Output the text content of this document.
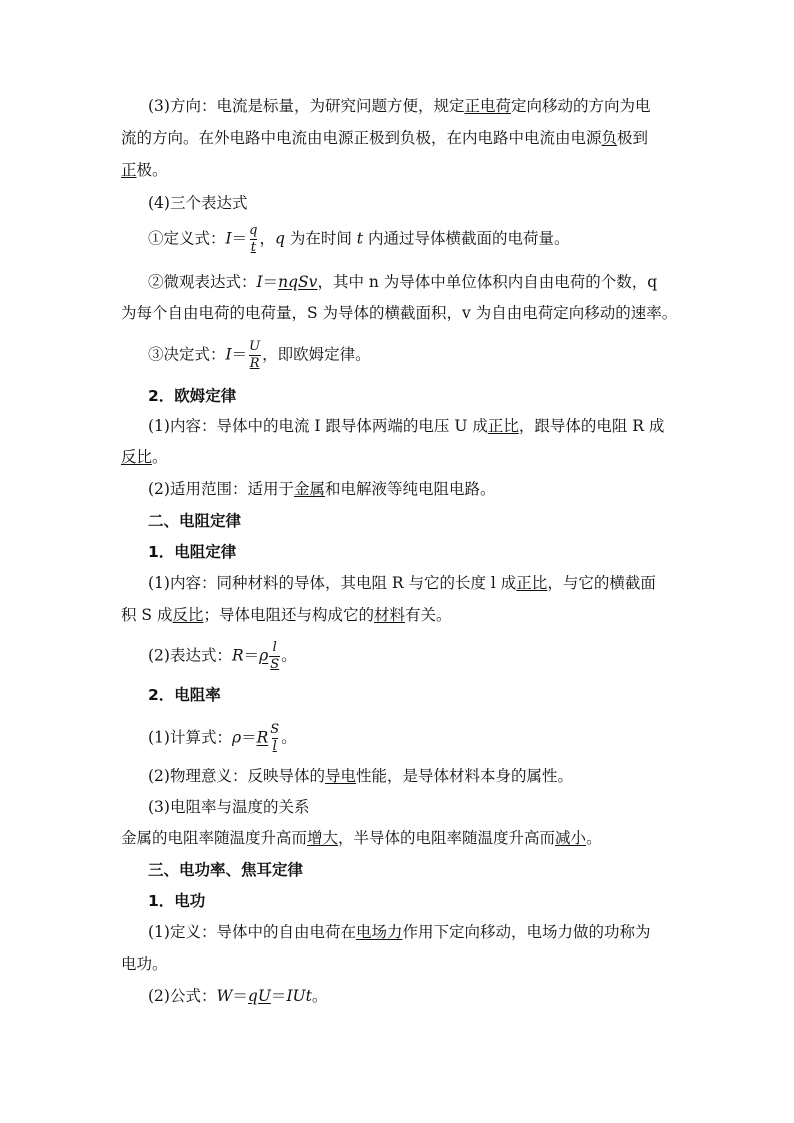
(3)方向：电流是标量，为研究问题方便，规定正电荷定向移动的方向为电
流的方向。在外电路中电流由电源正极到负极，在内电路中电流由电源负极到
正极。
(4)三个表达式
①定义式：$I= \frac{q}{t}$ ，q 为在时间 t 内通过导体横截面的电荷量。
②微观表达式：I＝nqSv，其中 n 为导体中单位体积内自由电荷的个数，q
为每个自由电荷的电荷量，S 为导体的横截面积，v 为自由电荷定向移动的速率。
③决定式：$I= \frac{U}{R}$ ，即欧姆定律。
2．欧姆定律
(1)内容：导体中的电流 I 跟导体两端的电压 U 成正比，跟导体的电阻 R 成
反比。
(2)适用范围：适用于金属和电解液等纯电阻电路。
二、电阻定律
1．电阻定律
(1)内容：同种材料的导体，其电阻 R 与它的长度 l 成正比，与它的横截面
积 S 成反比；导体电阻还与构成它的材料有关。
(2)表达式：$R=\rho \frac{l}{S}$ 。
2．电阻率
(1)计算式：$\rho=R \frac{S}{l}$ 。
(2)物理意义：反映导体的导电性能，是导体材料本身的属性。
(3)电阻率与温度的关系
金属的电阻率随温度升高而增大，半导体的电阻率随温度升高而减小。
三、电功率、焦耳定律
1．电功
(1)定义：导体中的自由电荷在电场力作用下定向移动，电场力做的功称为
电功。
(2)公式：W＝qU＝IUt。
